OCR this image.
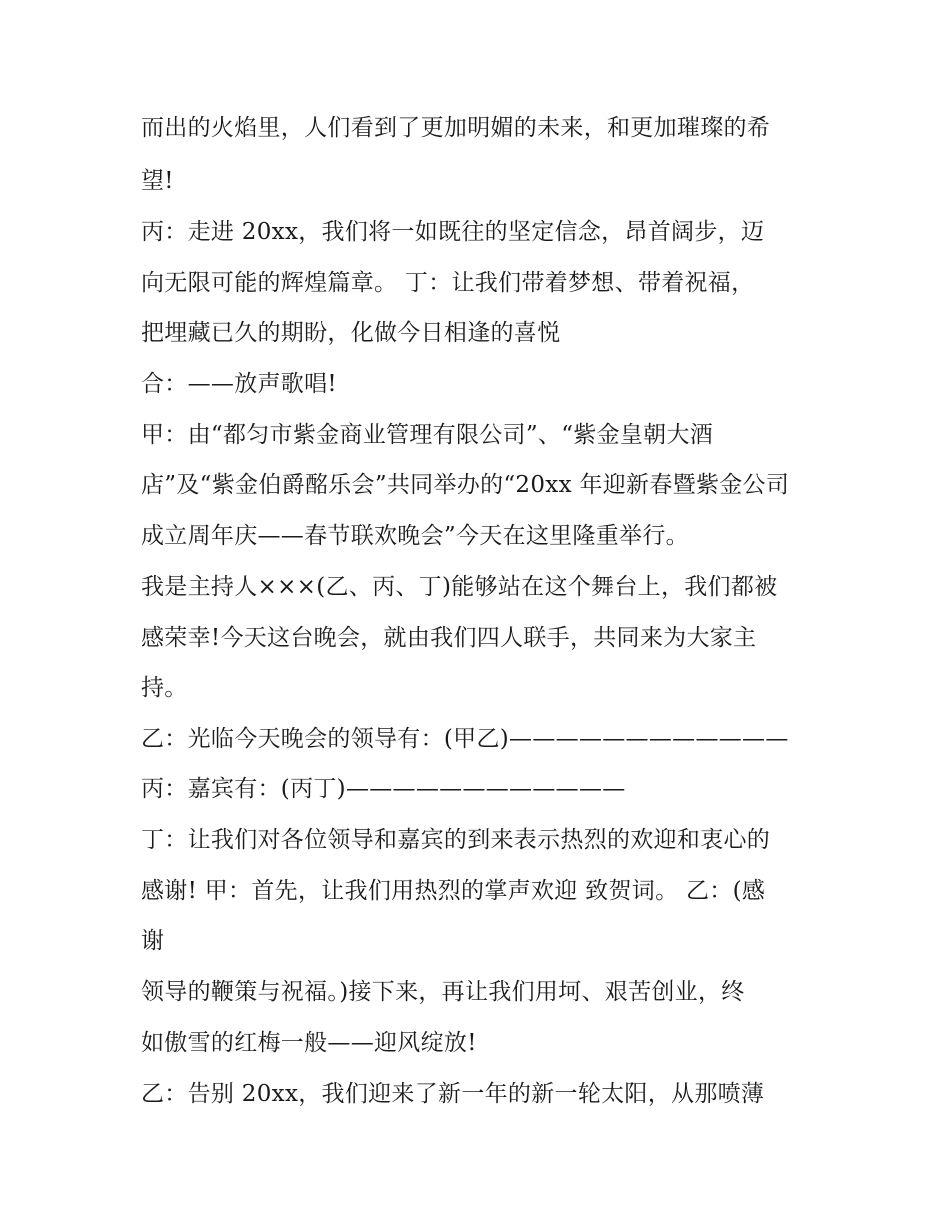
而出的火焰里，人们看到了更加明媚的未来，和更加璀璨的希
望!
丙：走进 20xx，我们将一如既往的坚定信念，昂首阔步，迈
向无限可能的辉煌篇章。 丁：让我们带着梦想、带着祝福，
把埋藏已久的期盼，化做今日相逢的喜悦
合：——放声歌唱!
甲：由“都匀市紫金商业管理有限公司”、“紫金皇朝大酒
店”及“紫金伯爵酩乐会”共同举办的“20xx 年迎新春暨紫金公司
成立周年庆——春节联欢晚会”今天在这里隆重举行。
我是主持人×××(乙、丙、丁)能够站在这个舞台上，我们都被
感荣幸!今天这台晚会，就由我们四人联手，共同来为大家主
持。
乙：光临今天晚会的领导有：(甲乙)————————————
丙：嘉宾有：(丙丁)————————————
丁：让我们对各位领导和嘉宾的到来表示热烈的欢迎和衷心的
感谢! 甲：首先，让我们用热烈的掌声欢迎 致贺词。 乙：(感
谢
领导的鞭策与祝福。)接下来，再让我们用坷、艰苦创业，终
如傲雪的红梅一般——迎风绽放!
乙：告别 20xx，我们迎来了新一年的新一轮太阳，从那喷薄
